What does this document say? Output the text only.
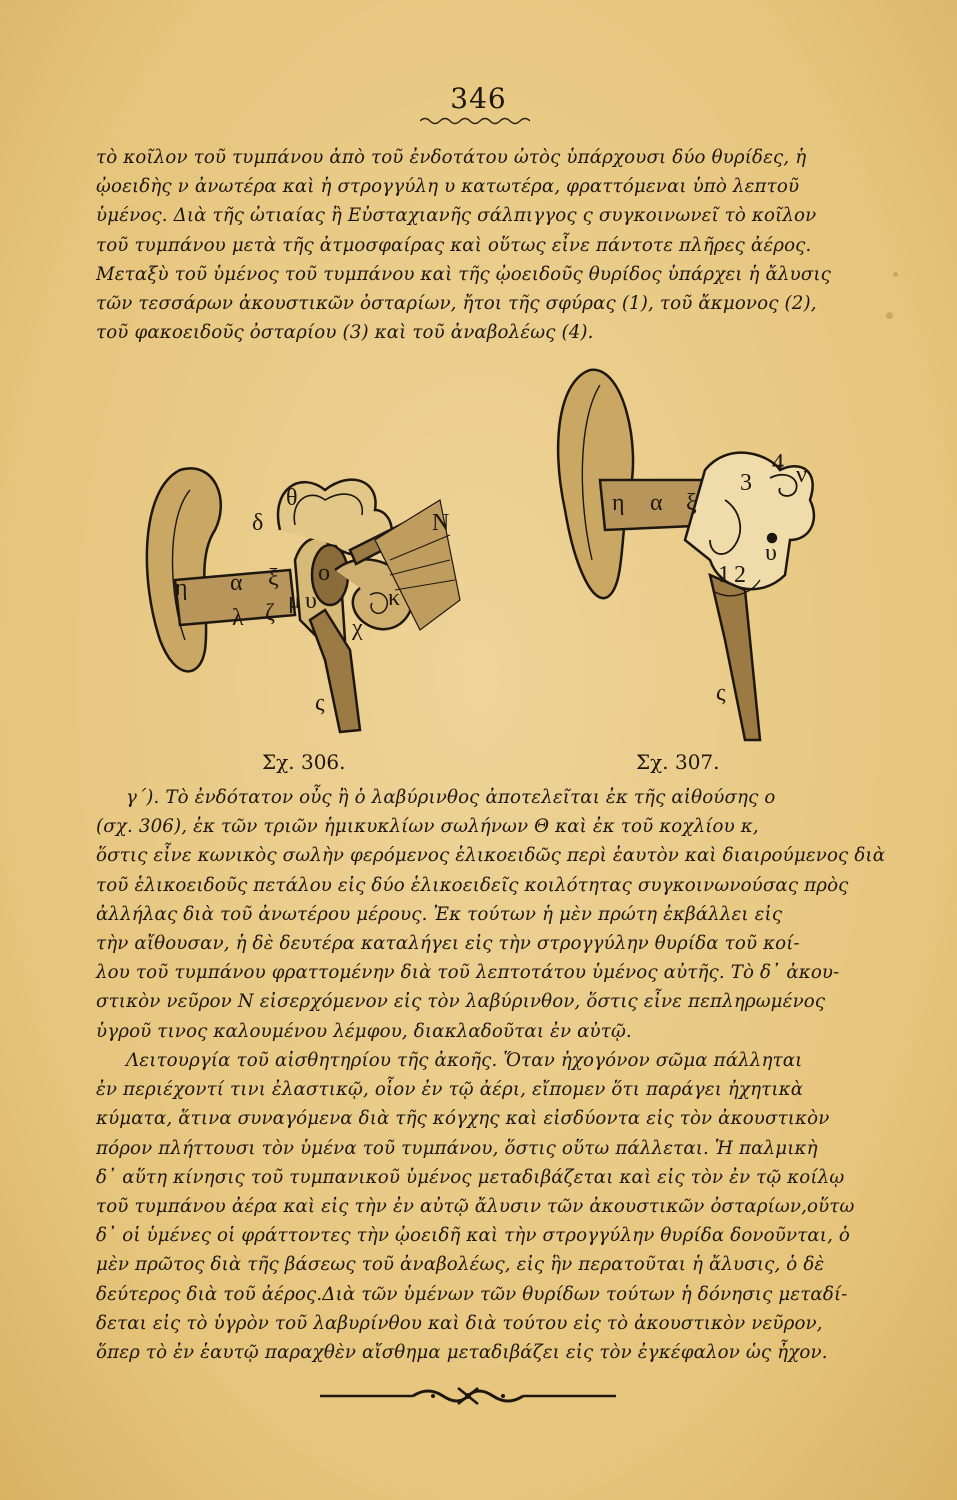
346
τὸ κοῖλον τοῦ τυμπάνου ἀπὸ τοῦ ἐνδοτάτου ὠτὸς ὑπάρχουσι δύο θυρίδες, ἡ
ᾠοειδὴς ν ἀνωτέρα καὶ ἡ στρογγύλη υ κατωτέρα, φραττόμεναι ὑπὸ λεπτοῦ
ὑμένος. Διὰ τῆς ὠτιαίας ἢ Εὐσταχιανῆς σάλπιγγος ς συγκοινωνεῖ τὸ κοῖλον
τοῦ τυμπάνου μετὰ τῆς ἀτμοσφαίρας καὶ οὕτως εἶνε πάντοτε πλῆρες ἀέρος.
Μεταξὺ τοῦ ὑμένος τοῦ τυμπάνου καὶ τῆς ᾠοειδοῦς θυρίδος ὑπάρχει ἡ ἄλυσις
τῶν τεσσάρων ἀκουστικῶν ὀσταρίων, ἤτοι τῆς σφύρας (1), τοῦ ἄκμονος (2),
τοῦ φακοειδοῦς ὀσταρίου (3) καὶ τοῦ ἀναβολέως (4).
θ
N
δ
η α ξ
λ ζ μ υ
ο
κ
χ
ς
4 ν
3
η α ξ
υ
1 2
ς
Σχ. 306.	Σχ. 307.
γ΄). Τὸ ἐνδότατον οὖς ἢ ὁ λαβύρινθος ἀποτελεῖται ἐκ τῆς αἰθούσης ο
(σχ. 306), ἐκ τῶν τριῶν ἡμικυκλίων σωλήνων Θ καὶ ἐκ τοῦ κοχλίου κ,
ὅστις εἶνε κωνικὸς σωλὴν φερόμενος ἑλικοειδῶς περὶ ἑαυτὸν καὶ διαιρούμενος διὰ
τοῦ ἑλικοειδοῦς πετάλου εἰς δύο ἑλικοειδεῖς κοιλότητας συγκοινωνούσας πρὸς
ἀλλήλας διὰ τοῦ ἀνωτέρου μέρους. Ἐκ τούτων ἡ μὲν πρώτη ἐκβάλλει εἰς
τὴν αἴθουσαν, ἡ δὲ δευτέρα καταλήγει εἰς τὴν στρογγύλην θυρίδα τοῦ κοί-
λου τοῦ τυμπάνου φραττομένην διὰ τοῦ λεπτοτάτου ὑμένος αὐτῆς. Τὸ δ᾽ ἀκου-
στικὸν νεῦρον Ν εἰσερχόμενον εἰς τὸν λαβύρινθον, ὅστις εἶνε πεπληρωμένος
ὑγροῦ τινος καλουμένου λέμφου, διακλαδοῦται ἐν αὐτῷ.
Λειτουργία τοῦ αἰσθητηρίου τῆς ἀκοῆς. Ὅταν ἠχογόνον σῶμα πάλληται
ἐν περιέχοντί τινι ἐλαστικῷ, οἷον ἐν τῷ ἀέρι, εἴπομεν ὅτι παράγει ἠχητικὰ
κύματα, ἅτινα συναγόμενα διὰ τῆς κόγχης καὶ εἰσδύοντα εἰς τὸν ἀκουστικὸν
πόρον πλήττουσι τὸν ὑμένα τοῦ τυμπάνου, ὅστις οὕτω πάλλεται. Ἡ παλμικὴ
δ᾽ αὕτη κίνησις τοῦ τυμπανικοῦ ὑμένος μεταδιβάζεται καὶ εἰς τὸν ἐν τῷ κοίλῳ
τοῦ τυμπάνου ἀέρα καὶ εἰς τὴν ἐν αὐτῷ ἄλυσιν τῶν ἀκουστικῶν ὀσταρίων,οὕτω
δ᾽ οἱ ὑμένες οἱ φράττοντες τὴν ᾠοειδῆ καὶ τὴν στρογγύλην θυρίδα δονοῦνται, ὁ
μὲν πρῶτος διὰ τῆς βάσεως τοῦ ἀναβολέως, εἰς ἣν περατοῦται ἡ ἄλυσις, ὁ δὲ
δεύτερος διὰ τοῦ ἀέρος.Διὰ τῶν ὑμένων τῶν θυρίδων τούτων ἡ δόνησις μεταδί-
δεται εἰς τὸ ὑγρὸν τοῦ λαβυρίνθου καὶ διὰ τούτου εἰς τὸ ἀκουστικὸν νεῦρον,
ὅπερ τὸ ἐν ἑαυτῷ παραχθὲν αἴσθημα μεταδιβάζει εἰς τὸν ἐγκέφαλον ὡς ἦχον.
